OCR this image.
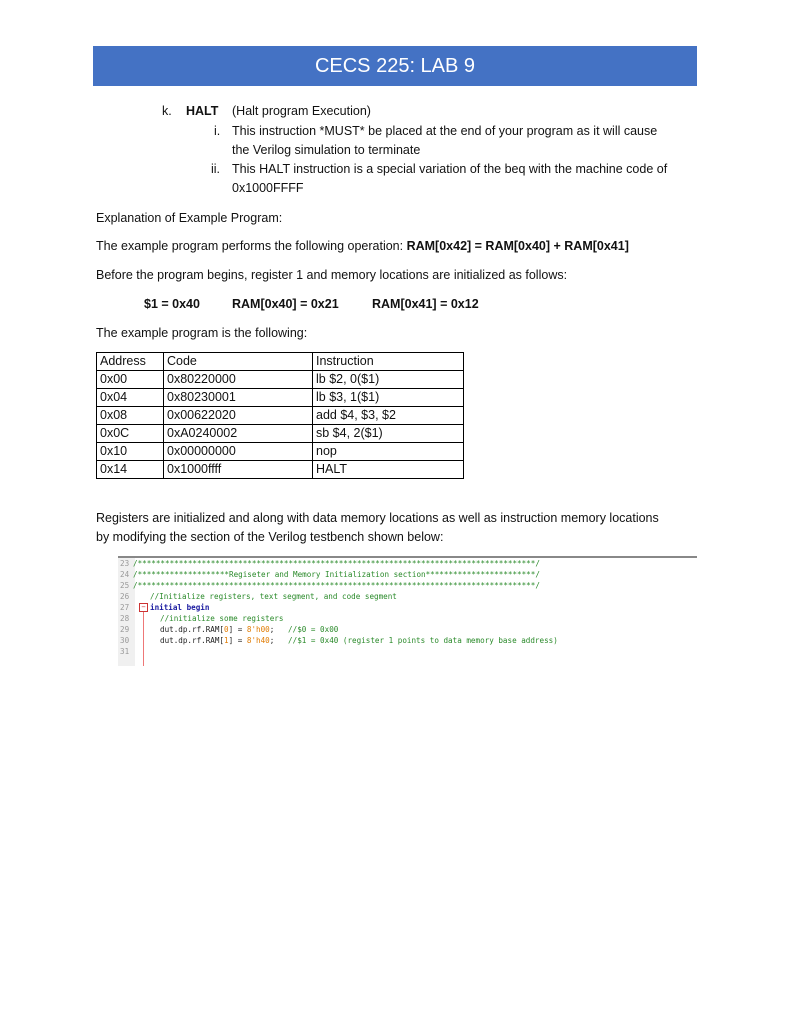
CECS 225: LAB 9
k. HALT (Halt program Execution)
i. This instruction *MUST* be placed at the end of your program as it will cause
the Verilog simulation to terminate
ii. This HALT instruction is a special variation of the beq with the machine code of
0x1000FFFF
Explanation of Example Program:
The example program performs the following operation: RAM[0x42] = RAM[0x40] + RAM[0x41]
Before the program begins, register 1 and memory locations are initialized as follows:
$1 = 0x40	RAM[0x40] = 0x21	RAM[0x41] = 0x12
The example program is the following:
Address	Code	Instruction
0x00	0x80220000	lb $2, 0($1)
0x04	0x80230001	lb $3, 1($1)
0x08	0x00622020	add $4, $3, $2
0x0C	0xA0240002	sb $4, 2($1)
0x10	0x00000000	nop
0x14	0x1000ffff	HALT
Registers are initialized and along with data memory locations as well as instruction memory locations
by modifying the section of the Verilog testbench shown below:
23
24
25
26
27
28
29
30
31
−
/***************************************************************************************/
/********************Regiseter and Memory Initialization section************************/
/***************************************************************************************/
//Initialize registers, text segment, and code segment
initial begin
//initialize some registers
dut.dp.rf.RAM[0] = 8'h00; //$0 = 0x00
dut.dp.rf.RAM[1] = 8'h40; //$1 = 0x40 (register 1 points to data memory base address)
